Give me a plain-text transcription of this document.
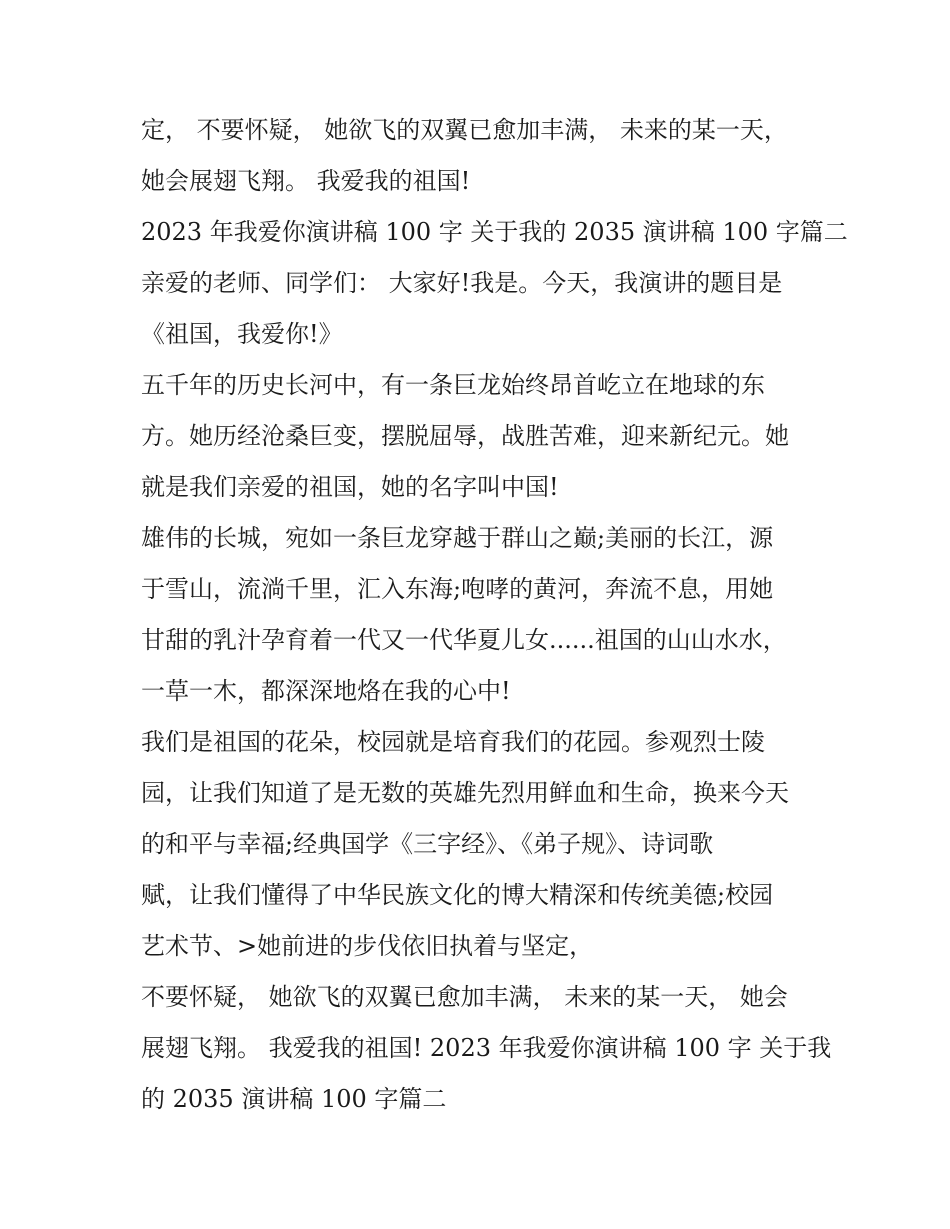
定， 不要怀疑， 她欲飞的双翼已愈加丰满， 未来的某一天，
她会展翅飞翔。 我爱我的祖国!
2023 年我爱你演讲稿 100 字 关于我的 2035 演讲稿 100 字篇二
亲爱的老师、同学们： 大家好!我是。今天，我演讲的题目是
《祖国，我爱你!》
五千年的历史长河中，有一条巨龙始终昂首屹立在地球的东
方。她历经沧桑巨变，摆脱屈辱，战胜苦难，迎来新纪元。她
就是我们亲爱的祖国，她的名字叫中国!
雄伟的长城，宛如一条巨龙穿越于群山之巅;美丽的长江，源
于雪山，流淌千里，汇入东海;咆哮的黄河，奔流不息，用她
甘甜的乳汁孕育着一代又一代华夏儿女......祖国的山山水水，
一草一木，都深深地烙在我的心中!
我们是祖国的花朵，校园就是培育我们的花园。参观烈士陵
园，让我们知道了是无数的英雄先烈用鲜血和生命，换来今天
的和平与幸福;经典国学《三字经》、《弟子规》、诗词歌
赋，让我们懂得了中华民族文化的博大精深和传统美德;校园
艺术节、>她前进的步伐依旧执着与坚定，
不要怀疑， 她欲飞的双翼已愈加丰满， 未来的某一天， 她会
展翅飞翔。 我爱我的祖国! 2023 年我爱你演讲稿 100 字 关于我
的 2035 演讲稿 100 字篇二
